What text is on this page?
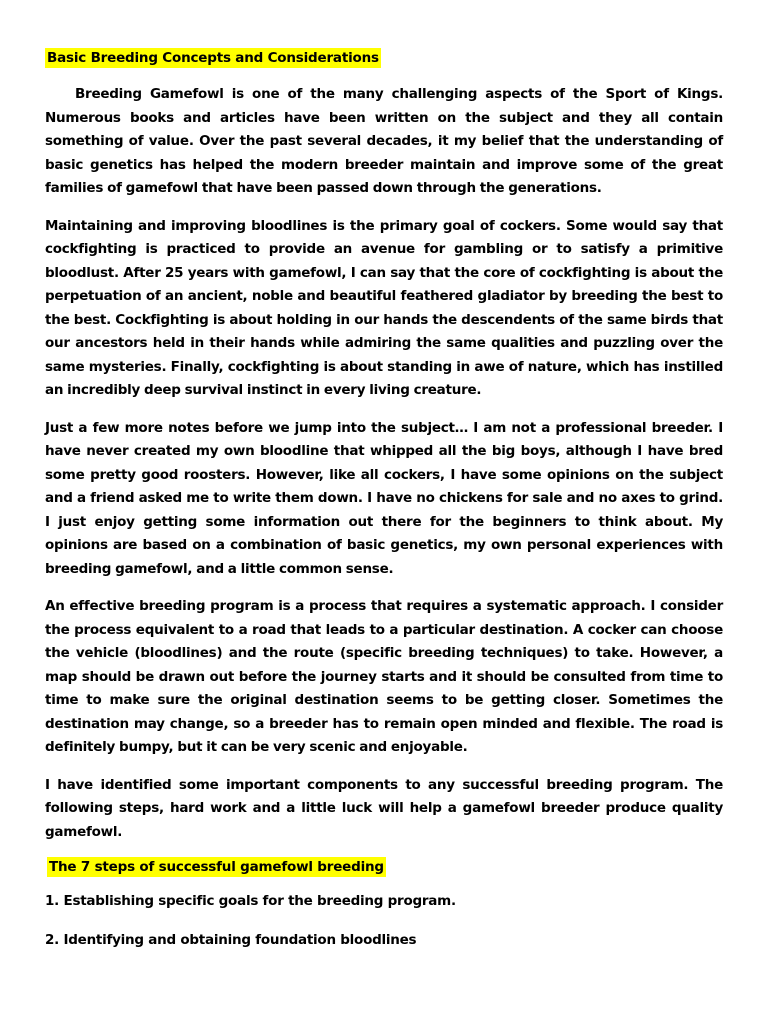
Basic Breeding Concepts and Considerations

Breeding Gamefowl is one of the many challenging aspects of the Sport of Kings. Numerous books and articles have been written on the subject and they all contain something of value. Over the past several decades, it my belief that the understanding of basic genetics has helped the modern breeder maintain and improve some of the great families of gamefowl that have been passed down through the generations.

Maintaining and improving bloodlines is the primary goal of cockers. Some would say that cockfighting is practiced to provide an avenue for gambling or to satisfy a primitive bloodlust. After 25 years with gamefowl, I can say that the core of cockfighting is about the perpetuation of an ancient, noble and beautiful feathered gladiator by breeding the best to the best. Cockfighting is about holding in our hands the descendents of the same birds that our ancestors held in their hands while admiring the same qualities and puzzling over the same mysteries. Finally, cockfighting is about standing in awe of nature, which has instilled an incredibly deep survival instinct in every living creature.

Just a few more notes before we jump into the subject… I am not a professional breeder. I have never created my own bloodline that whipped all the big boys, although I have bred some pretty good roosters. However, like all cockers, I have some opinions on the subject and a friend asked me to write them down. I have no chickens for sale and no axes to grind. I just enjoy getting some information out there for the beginners to think about. My opinions are based on a combination of basic genetics, my own personal experiences with breeding gamefowl, and a little common sense.

An effective breeding program is a process that requires a systematic approach. I consider the process equivalent to a road that leads to a particular destination. A cocker can choose the vehicle (bloodlines) and the route (specific breeding techniques) to take. However, a map should be drawn out before the journey starts and it should be consulted from time to time to make sure the original destination seems to be getting closer. Sometimes the destination may change, so a breeder has to remain open minded and flexible. The road is definitely bumpy, but it can be very scenic and enjoyable.

I have identified some important components to any successful breeding program. The following steps, hard work and a little luck will help a gamefowl breeder produce quality gamefowl.

The 7 steps of successful gamefowl breeding

1. Establishing specific goals for the breeding program.

2. Identifying and obtaining foundation bloodlines
